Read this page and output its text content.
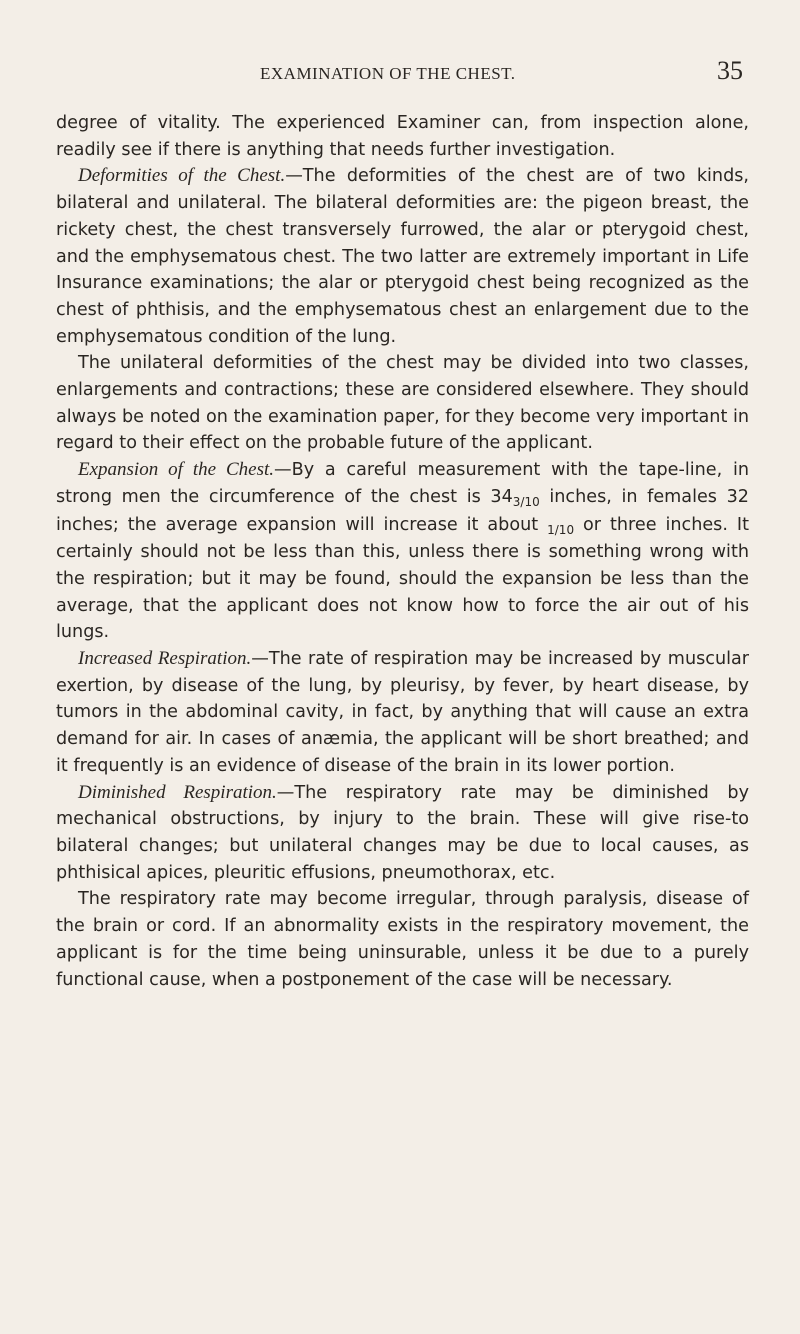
EXAMINATION OF THE CHEST.	35

degree of vitality. The experienced Examiner can, from inspection alone, readily see if there is anything that needs further investigation.

Deformities of the Chest.—The deformities of the chest are of two kinds, bilateral and unilateral. The bilateral deformities are: the pigeon breast, the rickety chest, the chest transversely furrowed, the alar or pterygoid chest, and the emphysematous chest. The two latter are extremely important in Life Insurance examinations; the alar or pterygoid chest being recognized as the chest of phthisis, and the emphysematous chest an enlargement due to the emphysematous condition of the lung.

The unilateral deformities of the chest may be divided into two classes, enlargements and contractions; these are considered elsewhere. They should always be noted on the examination paper, for they become very important in regard to their effect on the probable future of the applicant.

Expansion of the Chest.—By a careful measurement with the tape-line, in strong men the circumference of the chest is $34_{3/10}$ inches, in females 32 inches; the average expansion will increase it about $_{1/10}$ or three inches. It certainly should not be less than this, unless there is something wrong with the respiration; but it may be found, should the expansion be less than the average, that the applicant does not know how to force the air out of his lungs.

Increased Respiration.—The rate of respiration may be increased by muscular exertion, by disease of the lung, by pleurisy, by fever, by heart disease, by tumors in the abdominal cavity, in fact, by anything that will cause an extra demand for air. In cases of anæmia, the applicant will be short breathed; and it frequently is an evidence of disease of the brain in its lower portion.

Diminished Respiration.—The respiratory rate may be diminished by mechanical obstructions, by injury to the brain. These will give rise-to bilateral changes; but unilateral changes may be due to local causes, as phthisical apices, pleuritic effusions, pneumothorax, etc.

The respiratory rate may become irregular, through paralysis, disease of the brain or cord. If an abnormality exists in the respiratory movement, the applicant is for the time being uninsurable, unless it be due to a purely functional cause, when a postponement of the case will be necessary.
